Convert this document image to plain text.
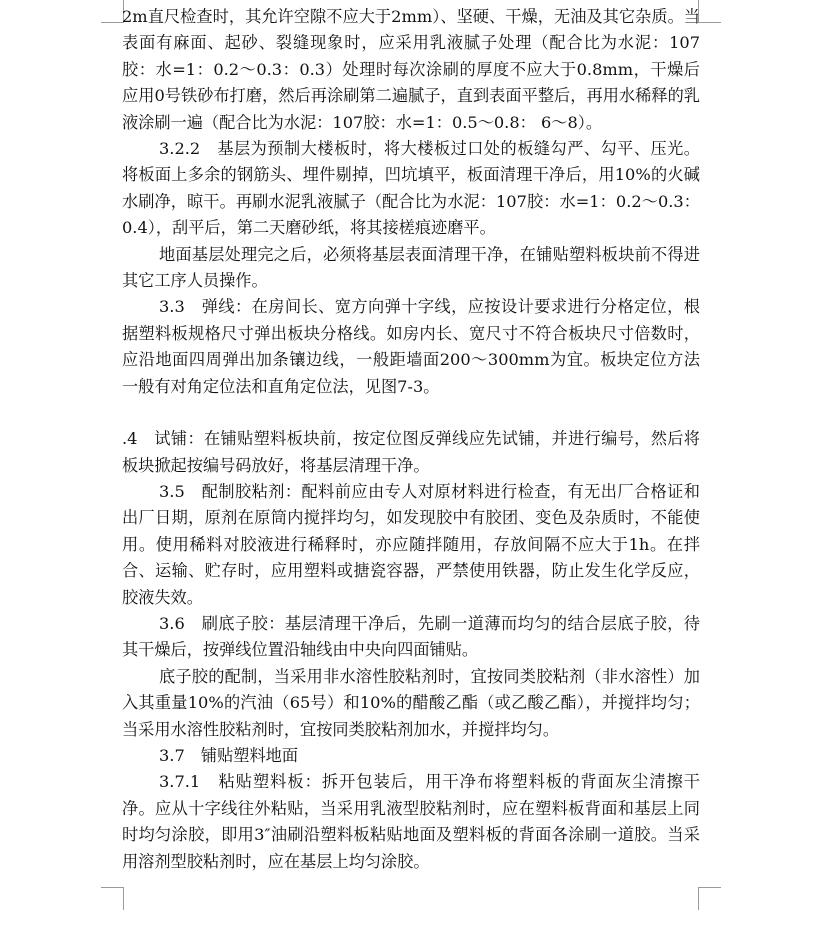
2m直尺检查时，其允许空隙不应大于2mm）、坚硬、干燥，无油及其它杂质。当表面有麻面、起砂、裂缝现象时，应采用乳液腻子处理（配合比为水泥：107胶：水=1：0.2～0.3：0.3）处理时每次涂刷的厚度不应大于0.8mm，干燥后应用0号铁砂布打磨，然后再涂刷第二遍腻子，直到表面平整后，再用水稀释的乳液涂刷一遍（配合比为水泥：107胶：水=1：0.5～0.8： 6～8）。

3.2.2　基层为预制大楼板时，将大楼板过口处的板缝勾严、勾平、压光。将板面上多余的钢筋头、埋件剔掉，凹坑填平，板面清理干净后，用10%的火碱水刷净，晾干。再刷水泥乳液腻子（配合比为水泥：107胶：水=1：0.2～0.3：0.4），刮平后，第二天磨砂纸，将其接槎痕迹磨平。

地面基层处理完之后，必须将基层表面清理干净，在铺贴塑料板块前不得进其它工序人员操作。

3.3　弹线：在房间长、宽方向弹十字线，应按设计要求进行分格定位，根据塑料板规格尺寸弹出板块分格线。如房内长、宽尺寸不符合板块尺寸倍数时，应沿地面四周弹出加条镶边线，一般距墙面200～300mm为宜。板块定位方法一般有对角定位法和直角定位法，见图7-3。

.4　试铺：在铺贴塑料板块前，按定位图反弹线应先试铺，并进行编号，然后将板块掀起按编号码放好，将基层清理干净。

3.5　配制胶粘剂：配料前应由专人对原材料进行检查，有无出厂合格证和出厂日期，原剂在原筒内搅拌均匀，如发现胶中有胶团、变色及杂质时，不能使用。使用稀料对胶液进行稀释时，亦应随拌随用，存放间隔不应大于1h。在拌合、运输、贮存时，应用塑料或搪瓷容器，严禁使用铁器，防止发生化学反应，胶液失效。

3.6　刷底子胶：基层清理干净后，先刷一道薄而均匀的结合层底子胶，待其干燥后，按弹线位置沿轴线由中央向四面铺贴。

底子胶的配制，当采用非水溶性胶粘剂时，宜按同类胶粘剂（非水溶性）加入其重量10%的汽油（65号）和10%的醋酸乙酯（或乙酸乙酯），并搅拌均匀；当采用水溶性胶粘剂时，宜按同类胶粘剂加水，并搅拌均匀。

3.7　铺贴塑料地面

3.7.1　粘贴塑料板：拆开包装后，用干净布将塑料板的背面灰尘清擦干净。应从十字线往外粘贴，当采用乳液型胶粘剂时，应在塑料板背面和基层上同时均匀涂胶，即用3″油刷沿塑料板粘贴地面及塑料板的背面各涂刷一道胶。当采用溶剂型胶粘剂时，应在基层上均匀涂胶。
